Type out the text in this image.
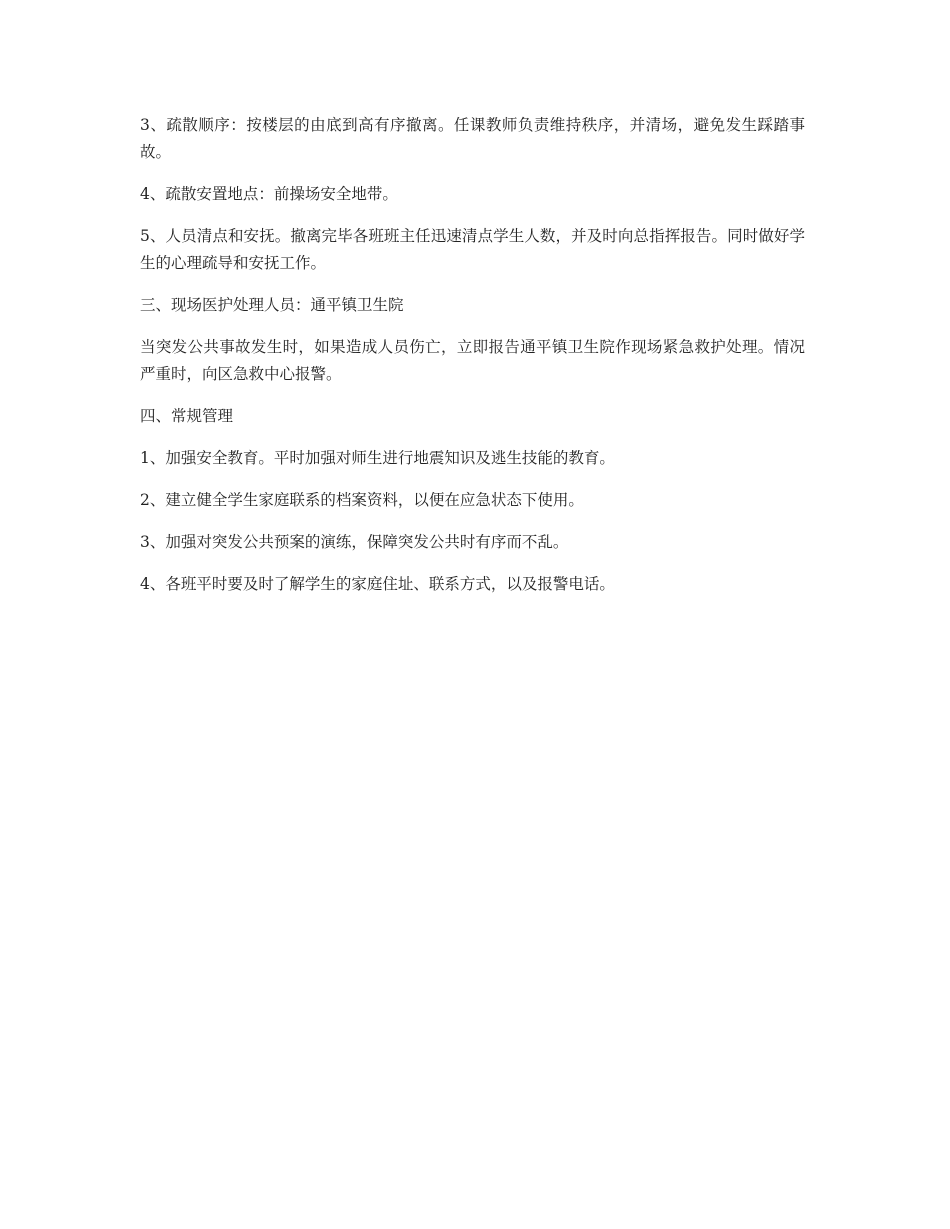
3、疏散顺序：按楼层的由底到高有序撤离。任课教师负责维持秩序，并清场，避免发生踩踏事故。

4、疏散安置地点：前操场安全地带。

5、人员清点和安抚。撤离完毕各班班主任迅速清点学生人数，并及时向总指挥报告。同时做好学生的心理疏导和安抚工作。

三、现场医护处理人员：通平镇卫生院

当突发公共事故发生时，如果造成人员伤亡，立即报告通平镇卫生院作现场紧急救护处理。情况严重时，向区急救中心报警。

四、常规管理

1、加强安全教育。平时加强对师生进行地震知识及逃生技能的教育。

2、建立健全学生家庭联系的档案资料，以便在应急状态下使用。

3、加强对突发公共预案的演练，保障突发公共时有序而不乱。

4、各班平时要及时了解学生的家庭住址、联系方式，以及报警电话。
